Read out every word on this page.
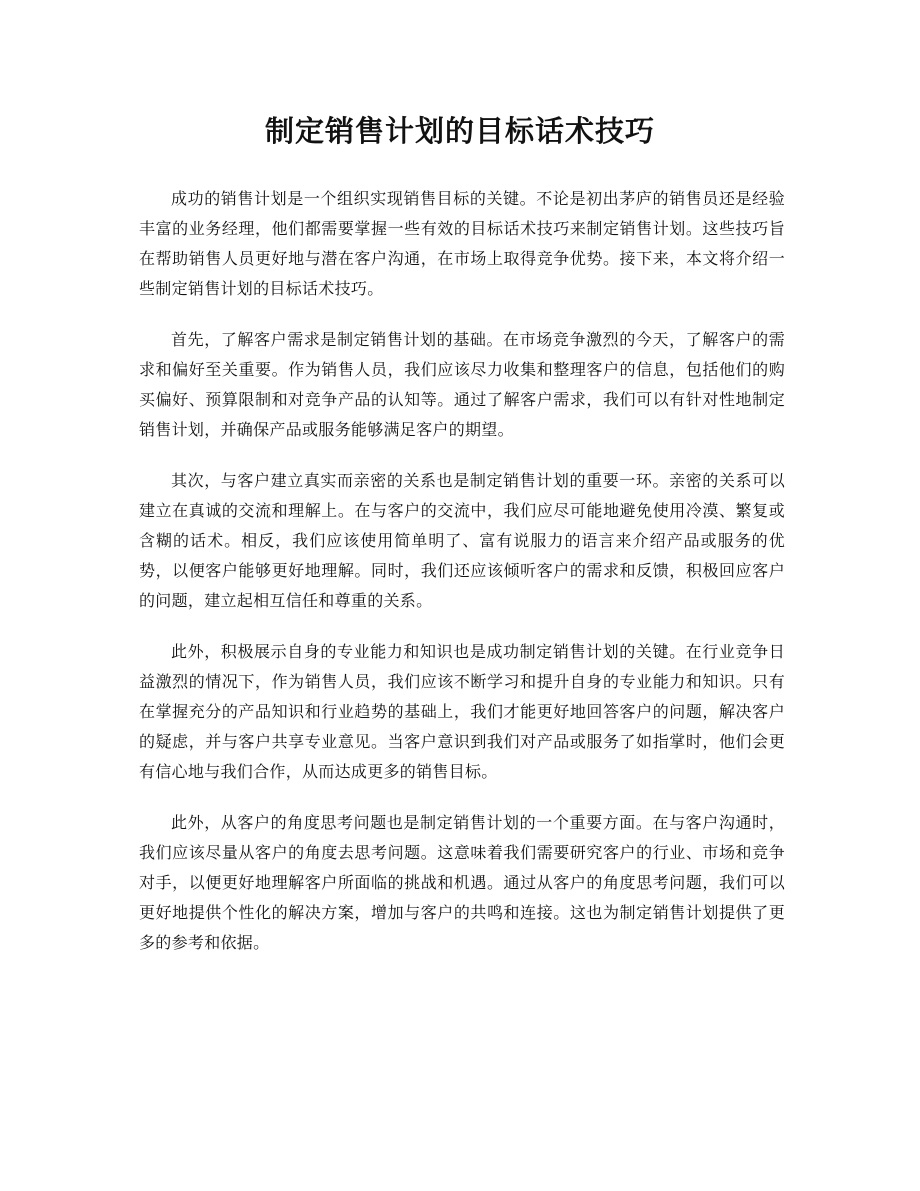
制定销售计划的目标话术技巧

成功的销售计划是一个组织实现销售目标的关键。不论是初出茅庐的销售员还是经验丰富的业务经理，他们都需要掌握一些有效的目标话术技巧来制定销售计划。这些技巧旨在帮助销售人员更好地与潜在客户沟通，在市场上取得竞争优势。接下来，本文将介绍一些制定销售计划的目标话术技巧。

首先，了解客户需求是制定销售计划的基础。在市场竞争激烈的今天，了解客户的需求和偏好至关重要。作为销售人员，我们应该尽力收集和整理客户的信息，包括他们的购买偏好、预算限制和对竞争产品的认知等。通过了解客户需求，我们可以有针对性地制定销售计划，并确保产品或服务能够满足客户的期望。

其次，与客户建立真实而亲密的关系也是制定销售计划的重要一环。亲密的关系可以建立在真诚的交流和理解上。在与客户的交流中，我们应尽可能地避免使用冷漠、繁复或含糊的话术。相反，我们应该使用简单明了、富有说服力的语言来介绍产品或服务的优势，以便客户能够更好地理解。同时，我们还应该倾听客户的需求和反馈，积极回应客户的问题，建立起相互信任和尊重的关系。

此外，积极展示自身的专业能力和知识也是成功制定销售计划的关键。在行业竞争日益激烈的情况下，作为销售人员，我们应该不断学习和提升自身的专业能力和知识。只有在掌握充分的产品知识和行业趋势的基础上，我们才能更好地回答客户的问题，解决客户的疑虑，并与客户共享专业意见。当客户意识到我们对产品或服务了如指掌时，他们会更有信心地与我们合作，从而达成更多的销售目标。

此外，从客户的角度思考问题也是制定销售计划的一个重要方面。在与客户沟通时，我们应该尽量从客户的角度去思考问题。这意味着我们需要研究客户的行业、市场和竞争对手，以便更好地理解客户所面临的挑战和机遇。通过从客户的角度思考问题，我们可以更好地提供个性化的解决方案，增加与客户的共鸣和连接。这也为制定销售计划提供了更多的参考和依据。
